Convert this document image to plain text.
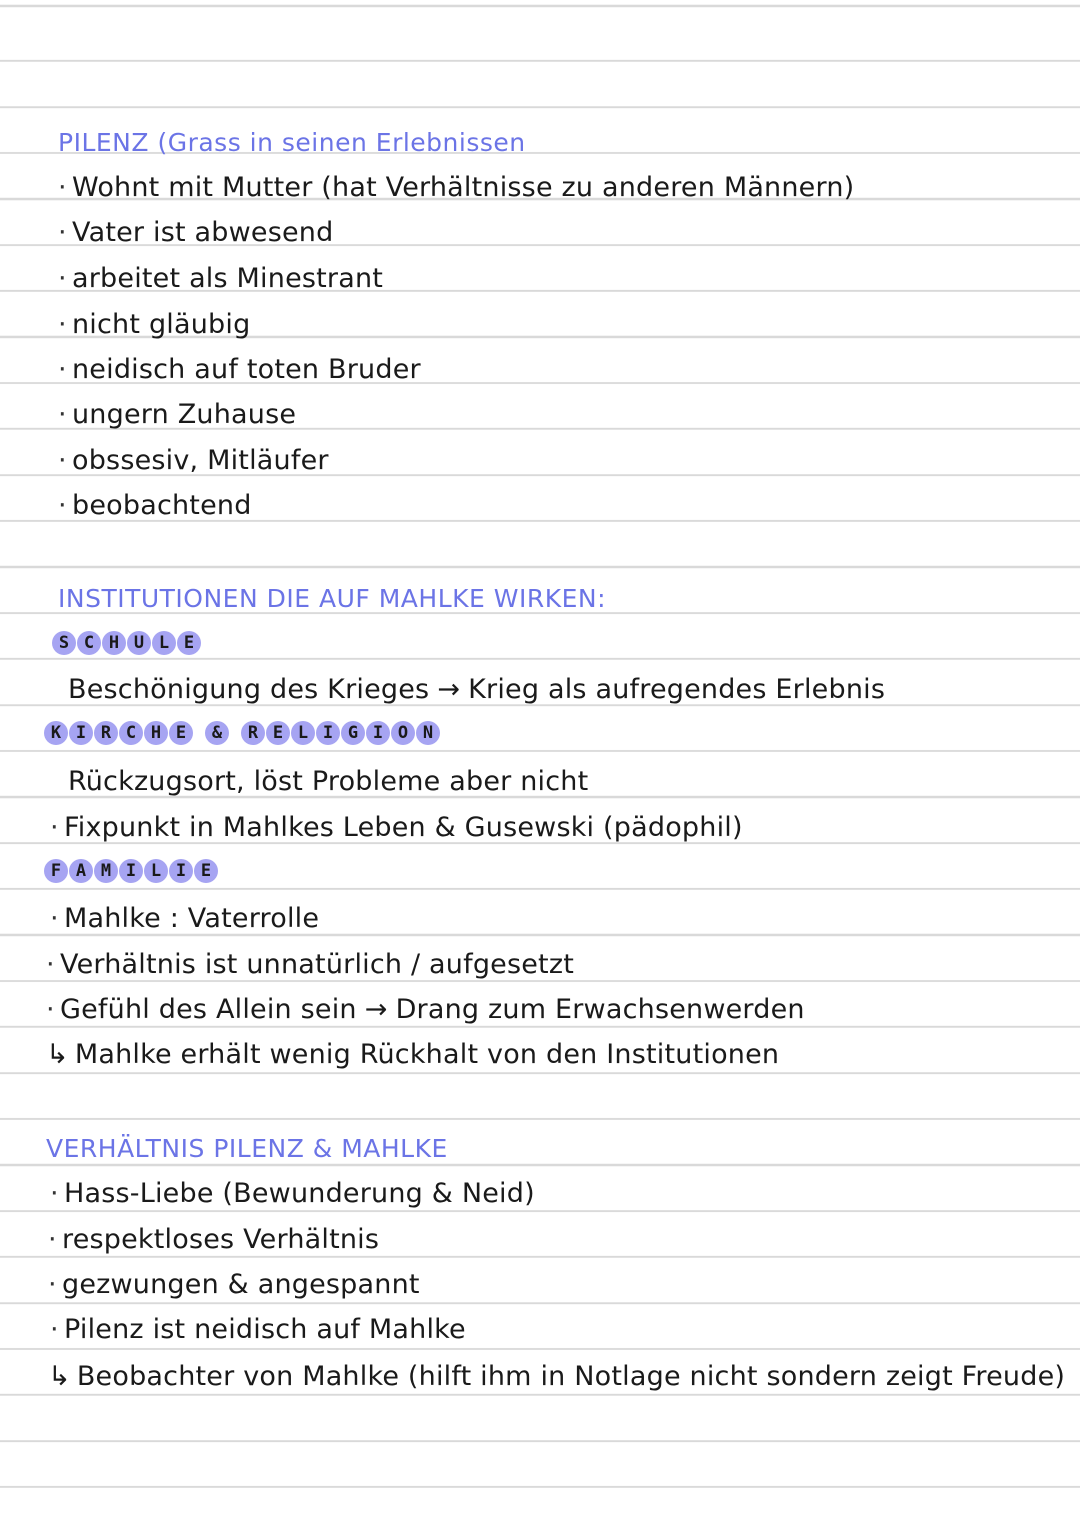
PILENZ (Grass in seinen Erlebnissen
· Wohnt mit Mutter (hat Verhältnisse zu anderen Männern)
· Vater ist abwesend
· arbeitet als Minestrant
· nicht gläubig
· neidisch auf toten Bruder
· ungern Zuhause
· obssesiv, Mitläufer
· beobachtend
INSTITUTIONEN DIE AUF MAHLKE WIRKEN:
S C H U L E
Beschönigung des Krieges → Krieg als aufregendes Erlebnis
K I R C H E	&	R E L I G I O N
Rückzugsort, löst Probleme aber nicht
· Fixpunkt in Mahlkes Leben & Gusewski (pädophil)
F A M I L I E
· Mahlke : Vaterrolle
· Verhältnis ist unnatürlich / aufgesetzt
· Gefühl des Allein sein → Drang zum Erwachsenwerden
↳ Mahlke erhält wenig Rückhalt von den Institutionen
VERHÄLTNIS PILENZ & MAHLKE
· Hass-Liebe (Bewunderung & Neid)
· respektloses Verhältnis
· gezwungen & angespannt
· Pilenz ist neidisch auf Mahlke
↳ Beobachter von Mahlke (hilft ihm in Notlage nicht sondern zeigt Freude)
